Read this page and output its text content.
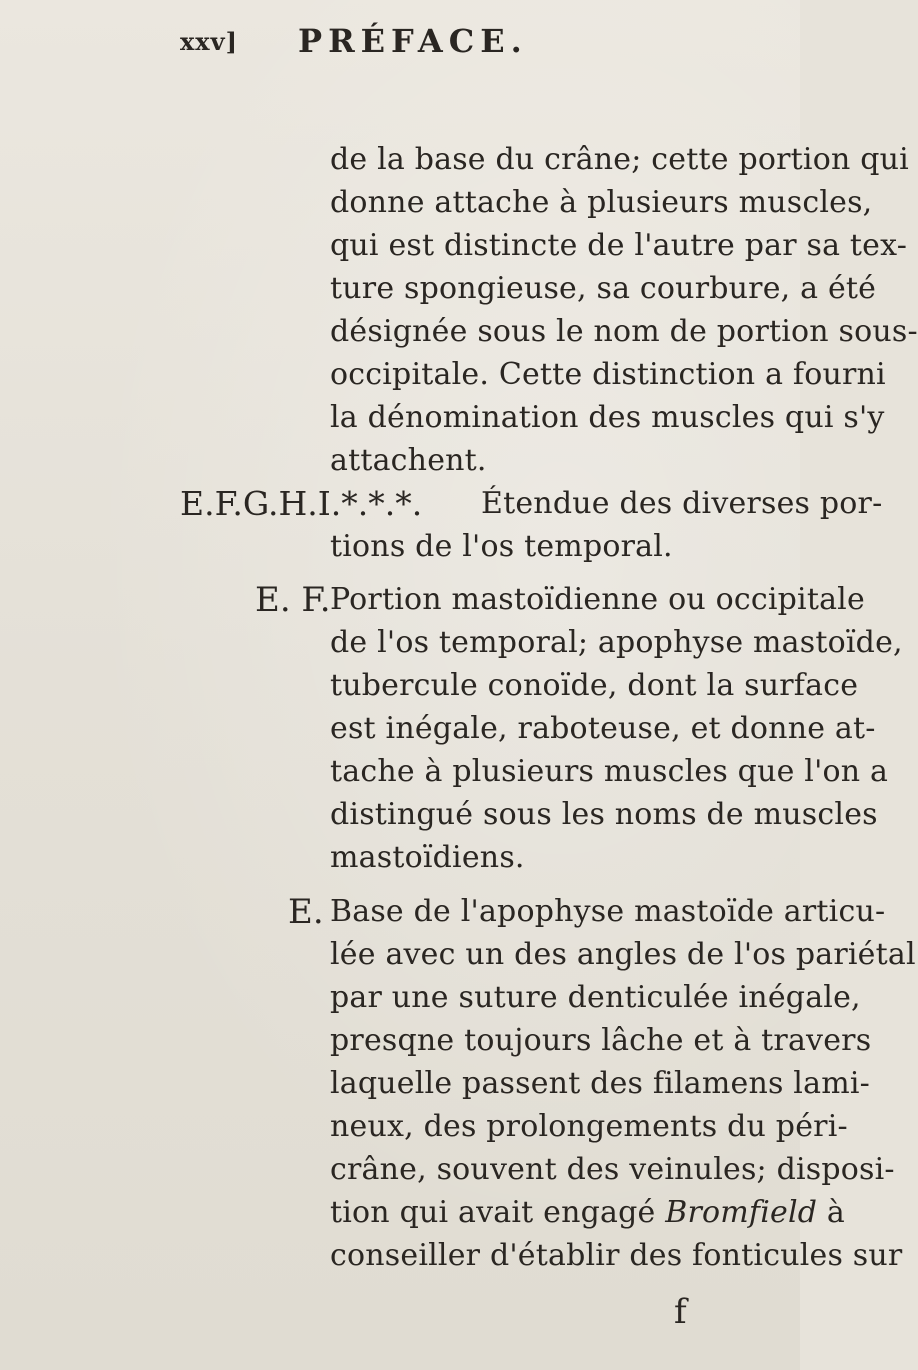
xxv] PRÉFACE.
de la base du crâne; cette portion qui
donne attache à plusieurs muscles,
qui est distincte de l'autre par sa tex-
ture spongieuse, sa courbure, a été
désignée sous le nom de portion sous-
occipitale. Cette distinction a fourni
la dénomination des muscles qui s'y
attachent.
E.F.G.H.I.*.*.*. Étendue des diverses por-
tions de l'os temporal.
E. F. Portion mastoïdienne ou occipitale
de l'os temporal; apophyse mastoïde,
tubercule conoïde, dont la surface
est inégale, raboteuse, et donne at-
tache à plusieurs muscles que l'on a
distingué sous les noms de muscles
mastoïdiens.
E. Base de l'apophyse mastoïde articu-
lée avec un des angles de l'os pariétal
par une suture denticulée inégale,
presqne toujours lâche et à travers
laquelle passent des filamens lami-
neux, des prolongements du péri-
crâne, souvent des veinules; disposi-
tion qui avait engagé Bromfield à
conseiller d'établir des fonticules sur
f
